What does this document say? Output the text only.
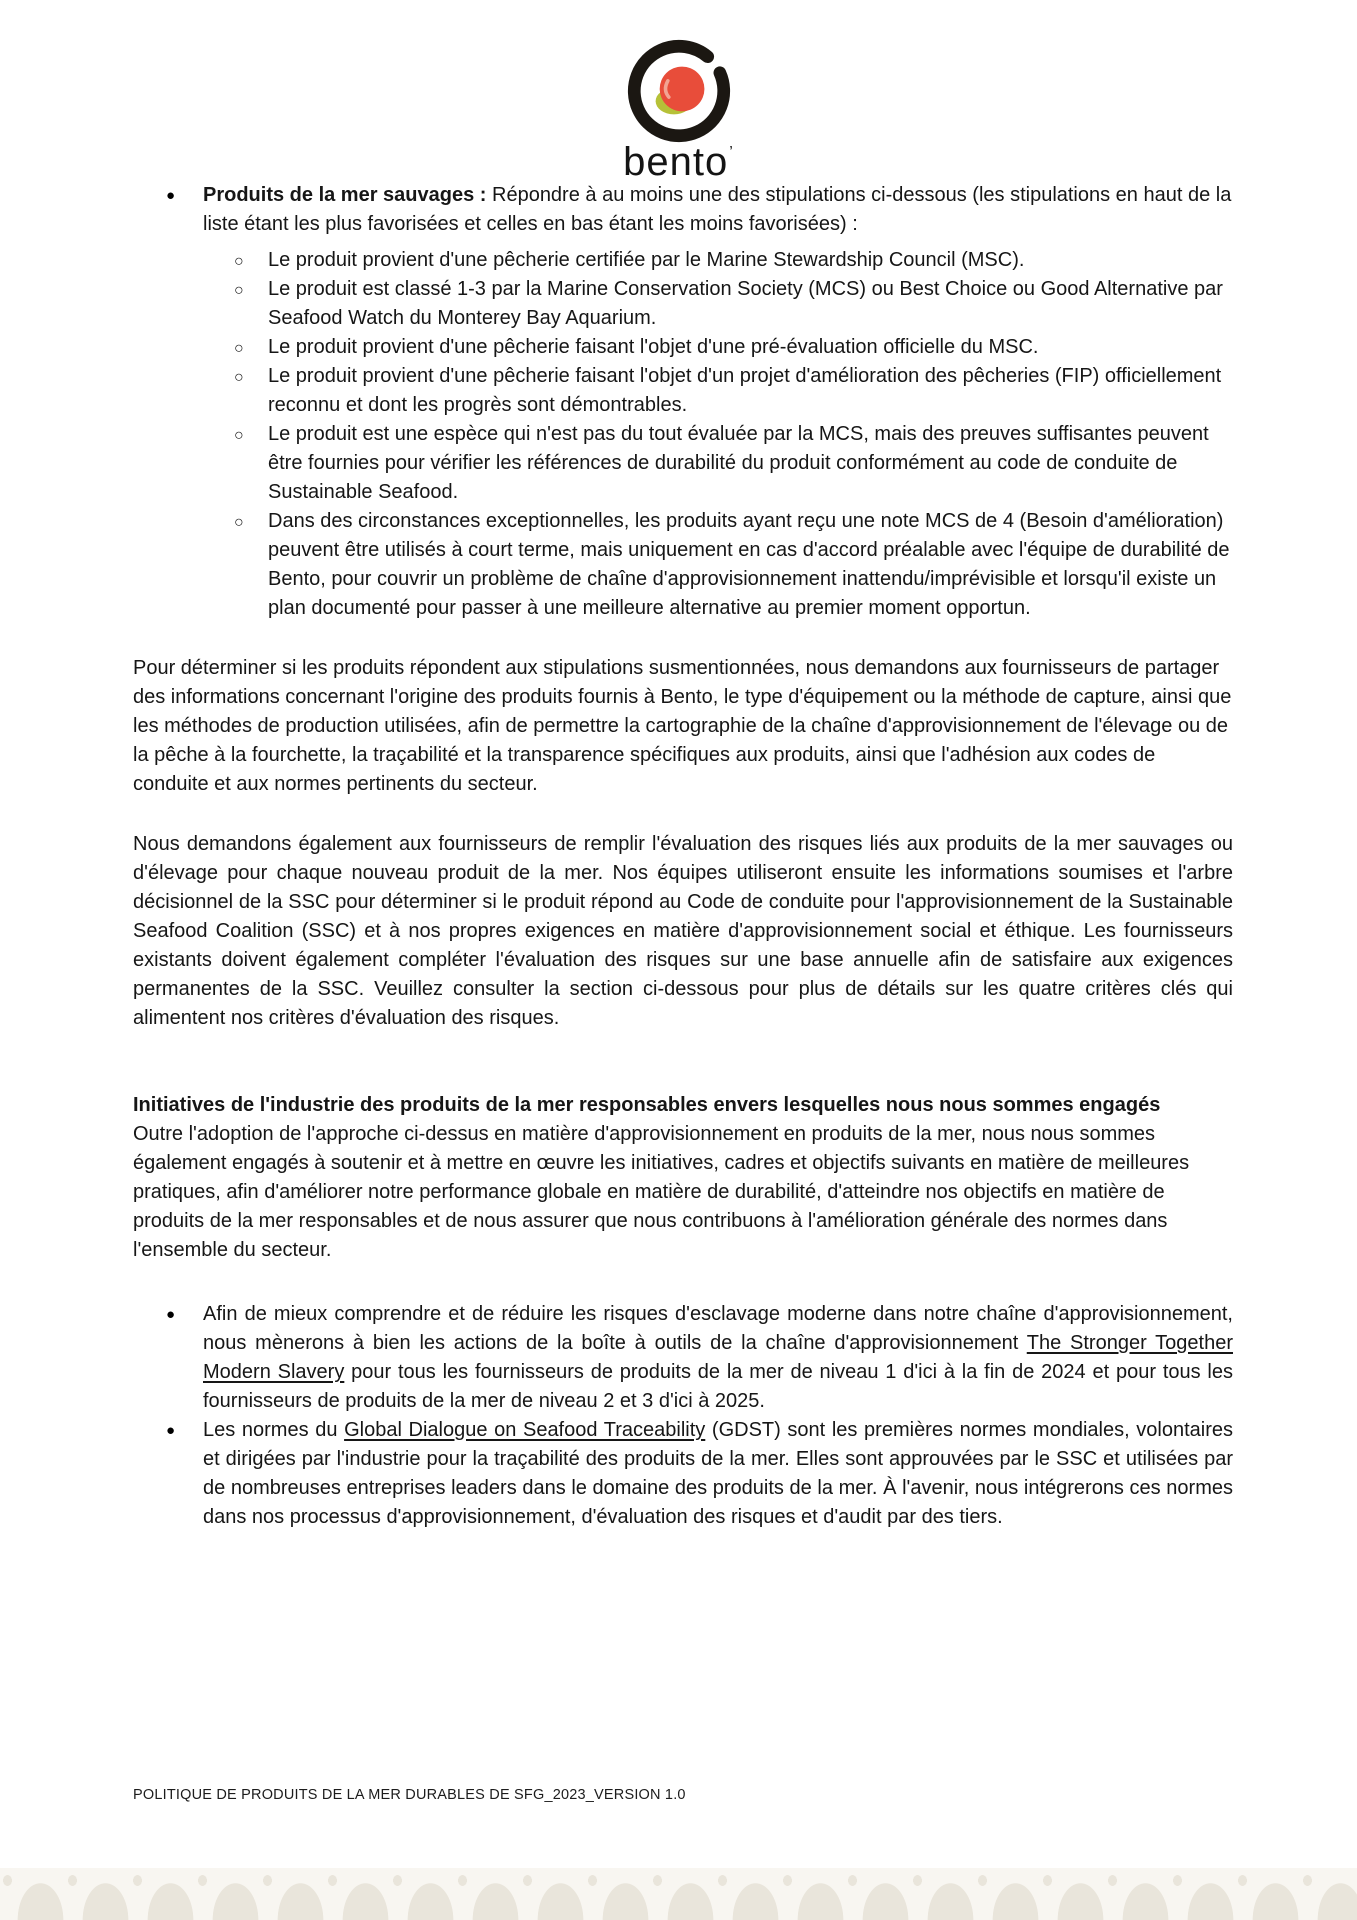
bento’
● Produits de la mer sauvages : Répondre à au moins une des stipulations ci-dessous (les stipulations en haut de la liste étant les plus favorisées et celles en bas étant les moins favorisées) :
○ Le produit provient d'une pêcherie certifiée par le Marine Stewardship Council (MSC).
○ Le produit est classé 1-3 par la Marine Conservation Society (MCS) ou Best Choice ou Good Alternative par Seafood Watch du Monterey Bay Aquarium.
○ Le produit provient d'une pêcherie faisant l'objet d'une pré-évaluation officielle du MSC.
○ Le produit provient d'une pêcherie faisant l'objet d'un projet d'amélioration des pêcheries (FIP) officiellement reconnu et dont les progrès sont démontrables.
○ Le produit est une espèce qui n'est pas du tout évaluée par la MCS, mais des preuves suffisantes peuvent être fournies pour vérifier les références de durabilité du produit conformément au code de conduite de Sustainable Seafood.
○ Dans des circonstances exceptionnelles, les produits ayant reçu une note MCS de 4 (Besoin d'amélioration) peuvent être utilisés à court terme, mais uniquement en cas d'accord préalable avec l'équipe de durabilité de Bento, pour couvrir un problème de chaîne d'approvisionnement inattendu/imprévisible et lorsqu'il existe un plan documenté pour passer à une meilleure alternative au premier moment opportun.
Pour déterminer si les produits répondent aux stipulations susmentionnées, nous demandons aux fournisseurs de partager des informations concernant l'origine des produits fournis à Bento, le type d'équipement ou la méthode de capture, ainsi que les méthodes de production utilisées, afin de permettre la cartographie de la chaîne d'approvisionnement de l'élevage ou de la pêche à la fourchette, la traçabilité et la transparence spécifiques aux produits, ainsi que l'adhésion aux codes de conduite et aux normes pertinents du secteur.
Nous demandons également aux fournisseurs de remplir l'évaluation des risques liés aux produits de la mer sauvages ou d'élevage pour chaque nouveau produit de la mer. Nos équipes utiliseront ensuite les informations soumises et l'arbre décisionnel de la SSC pour déterminer si le produit répond au Code de conduite pour l'approvisionnement de la Sustainable Seafood Coalition (SSC) et à nos propres exigences en matière d'approvisionnement social et éthique. Les fournisseurs existants doivent également compléter l'évaluation des risques sur une base annuelle afin de satisfaire aux exigences permanentes de la SSC. Veuillez consulter la section ci-dessous pour plus de détails sur les quatre critères clés qui alimentent nos critères d'évaluation des risques.
Initiatives de l'industrie des produits de la mer responsables envers lesquelles nous nous sommes engagés
Outre l'adoption de l'approche ci-dessus en matière d'approvisionnement en produits de la mer, nous nous sommes également engagés à soutenir et à mettre en œuvre les initiatives, cadres et objectifs suivants en matière de meilleures pratiques, afin d'améliorer notre performance globale en matière de durabilité, d'atteindre nos objectifs en matière de produits de la mer responsables et de nous assurer que nous contribuons à l'amélioration générale des normes dans l'ensemble du secteur.
● Afin de mieux comprendre et de réduire les risques d'esclavage moderne dans notre chaîne d'approvisionnement, nous mènerons à bien les actions de la boîte à outils de la chaîne d'approvisionnement The Stronger Together Modern Slavery pour tous les fournisseurs de produits de la mer de niveau 1 d'ici à la fin de 2024 et pour tous les fournisseurs de produits de la mer de niveau 2 et 3 d'ici à 2025.
● Les normes du Global Dialogue on Seafood Traceability (GDST) sont les premières normes mondiales, volontaires et dirigées par l'industrie pour la traçabilité des produits de la mer. Elles sont approuvées par le SSC et utilisées par de nombreuses entreprises leaders dans le domaine des produits de la mer. À l'avenir, nous intégrerons ces normes dans nos processus d'approvisionnement, d'évaluation des risques et d'audit par des tiers.
POLITIQUE DE PRODUITS DE LA MER DURABLES DE SFG_2023_VERSION 1.0
